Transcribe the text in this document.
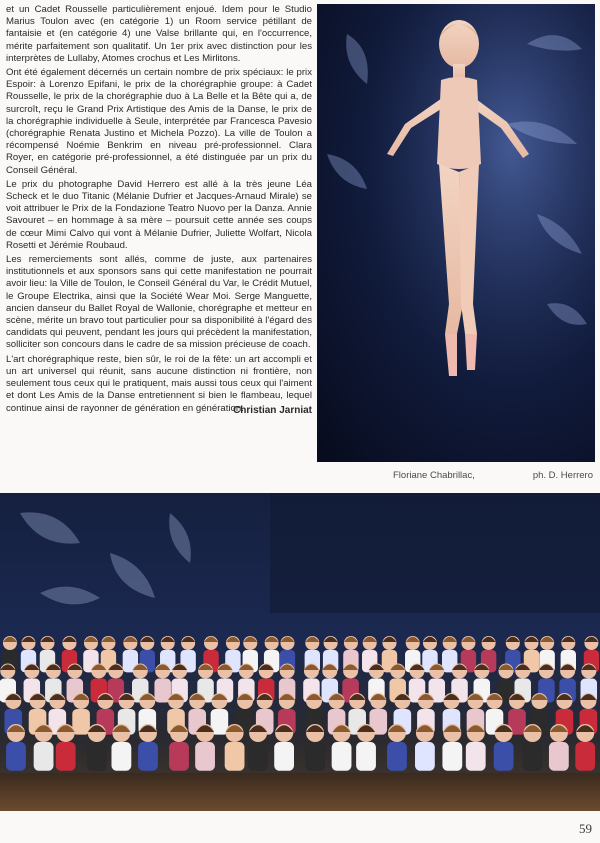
et un Cadet Rousselle particulièrement enjoué. Idem pour le Studio Marius Toulon avec (en catégorie 1) un Room service pétillant de fantaisie et (en catégorie 4) une Valse brillante qui, en l'occurrence, mérite parfaitement son qualitatif. Un 1er prix avec distinction pour les interprètes de Lullaby, Atomes crochus et Les Mirlitons.

Ont été également décernés un certain nombre de prix spéciaux: le prix Espoir: à Lorenzo Epifani, le prix de la chorégraphie groupe: à Cadet Rousselle, le prix de la chorégraphie duo à La Belle et la Bête qui a, de surcroît, reçu le Grand Prix Artistique des Amis de la Danse, le prix de la chorégraphie individuelle à Seule, interprétée par Francesca Pavesio (chorégraphie Renata Justino et Michela Pozzo). La ville de Toulon a récompensé Noémie Benkrim en niveau pré-professionnel. Clara Royer, en catégorie pré-professionnel, a été distinguée par un prix du Conseil Général.

Le prix du photographe David Herrero est allé à la très jeune Léa Scheck et le duo Titanic (Mélanie Dufrier et Jacques-Arnaud Mirale) se voit attribuer le Prix de la Fondazione Teatro Nuovo per la Danza. Annie Savouret – en hommage à sa mère – poursuit cette année ses coups de cœur Mimi Calvo qui vont à Mélanie Dufrier, Juliette Wolfart, Nicola Rosetti et Jérémie Roubaud.

Les remerciements sont allés, comme de juste, aux partenaires institutionnels et aux sponsors sans qui cette manifestation ne pourrait avoir lieu: la Ville de Toulon, le Conseil Général du Var, le Crédit Mutuel, le Groupe Electrika, ainsi que la Société Wear Moi. Serge Manguette, ancien danseur du Ballet Royal de Wallonie, chorégraphe et metteur en scène, mérite un bravo tout particulier pour sa disponibilité à l'égard des candidats qui peuvent, pendant les jours qui précèdent la manifestation, solliciter son concours dans le cadre de sa mission précieuse de coach.

L'art chorégraphique reste, bien sûr, le roi de la fête: un art accompli et un art universel qui réunit, sans aucune distinction ni frontière, non seulement tous ceux qui le pratiquent, mais aussi tous ceux qui l'aiment et dont Les Amis de la Danse entretiennent si bien le flambeau, lequel continue ainsi de rayonner de génération en génération.

Christian Jarniat
Floriane Chabrillac,	ph. D. Herrero
59
